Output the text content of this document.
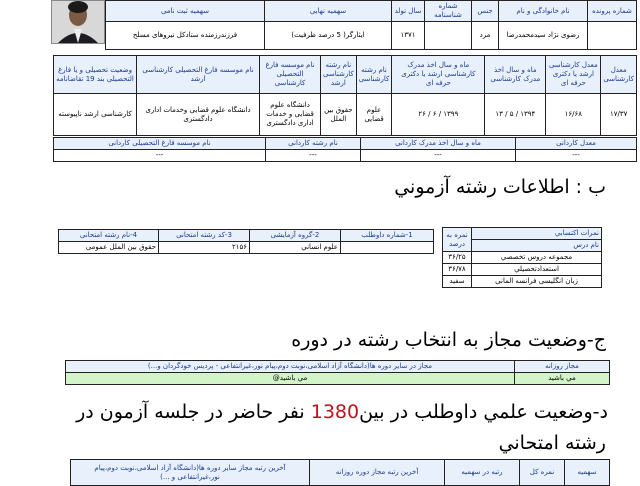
شماره پرونده	نام خانوادگی و نام	جنس	شماره شناسنامه	سال تولد	سهمیه نهایی	سهمیه ثبت نامی
	رضوی نژاد سیدمحمدرضا	مرد		۱۳۷۱	ایثارگر( 5 درصد ظرفیت)	فرزندرزمنده ستادکل نیروهای مسلح
معدل کارشناسی	معدل کارشناسی ارشد یا دکتری حرفه ای	ماه و سال اخذ مدرک کارشناسی	ماه و سال اخذ مدرک کارشناسی ارشد یا دکتری حرفه ای	نام رشته کارشناسی	نام رشته کارشناسی ارشد	نام موسسه فارغ التحصیلی کارشناسی	نام موسسه فارغ التحصیلی کارشناسی ارشد	وضعیت تحصیلی و یا فارغ التحصیلی بند 19 تقاضانامه
۱۷/۳۷	۱۶/۶۸	۱۳۹۴ / ۵ / ۱۳	۱۳۹۹ / ۶ / ۲۶	علوم قضایی	حقوق بین الملل	دانشگاه علوم قضایی و خدمات اداری دادگستری	دانشگاه علوم قضایی وخدمات اداری دادگستری	کارشناسی ارشد ناپیوسته
معدل کاردانی	ماه و سال اخذ مدرک کاردانی	نام رشته کاردانی	نام موسسه فارغ التحصیلی کاردانی
---	---	---	---
ب : اطلاعات رشته آزموني
نمرات اکتسابي	نمره به درصد
نام درس	
مجموعه دروس تخصصي	۳۶/۲۵
استعدادتحصيلي	۳۶/۷۸
زبان انگلیسی فرانسه المانی	سفيد
1-شماره داوطلب	2-گروه آزمایشی	3-کد رشته امتحانی	4-نام رشته امتحانی
	علوم انساني	۲۱۵۶	حقوق بین الملل عمومی
ج-وضعيت مجاز به انتخاب رشته در دوره
مجاز روزانه	مجاز در سایر دوره ها(دانشگاه آزاد اسلامی،نوبت دوم،پیام نور،غیرانتفاعی - پردیس خودگردان و...)
مي باشيد	مي باشيد@
د-وضعيت علمي داوطلب در بين1380 نفر حاضر در جلسه آزمون در
رشته امتحاني
سهمیه	نمره کل	رتبه در سهمیه	آخرین رتبه مجاز دوره روزانه	آخرین رتبه مجاز سایر دوره ها(دانشگاه آزاد اسلامی،نوبت دوم،پیام نور،غیرانتفاعی و ...)
